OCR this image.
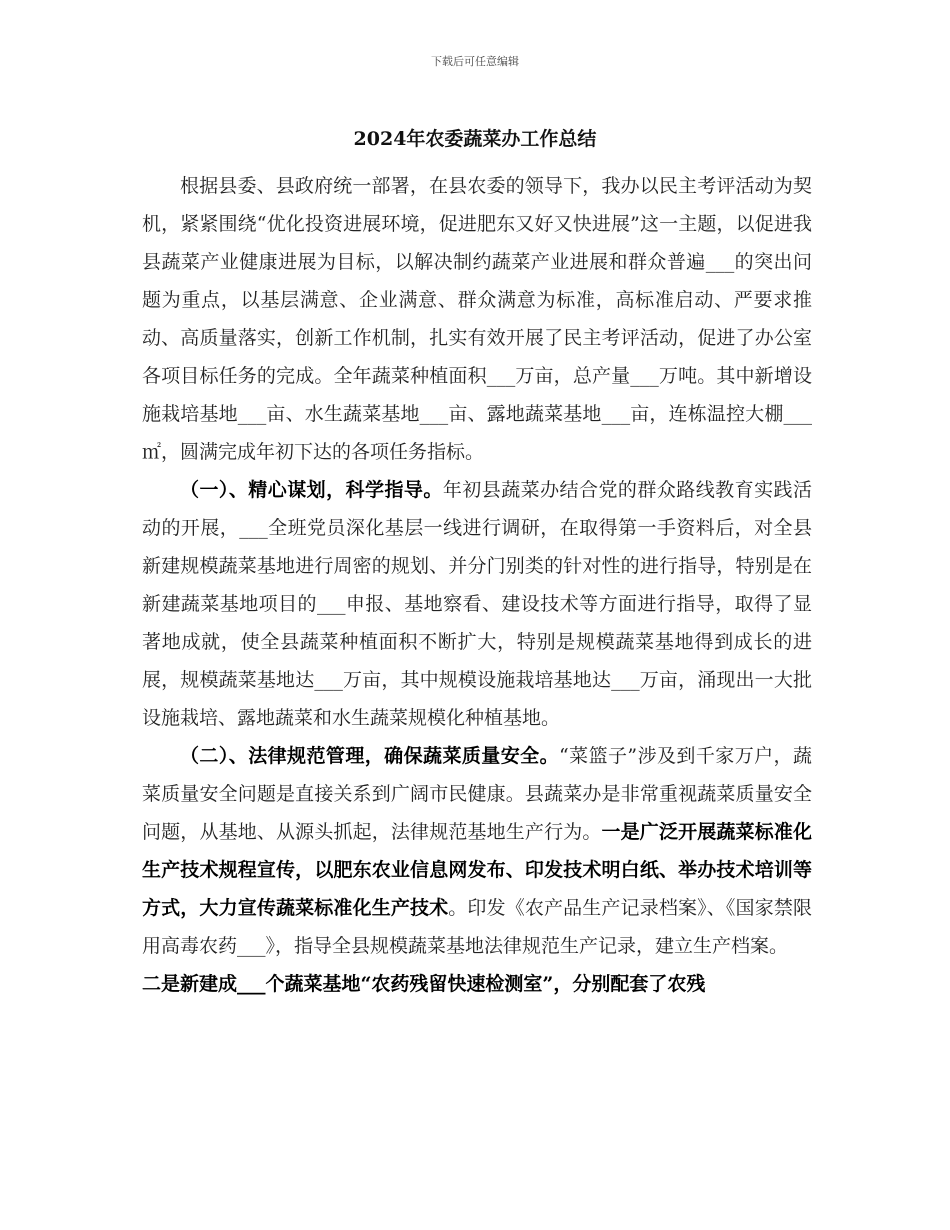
下载后可任意编辑
2024年农委蔬菜办工作总结

根据县委、县政府统一部署，在县农委的领导下，我办以民主考评活动为契机，紧紧围绕“优化投资进展环境，促进肥东又好又快进展”这一主题，以促进我县蔬菜产业健康进展为目标，以解决制约蔬菜产业进展和群众普遍___的突出问题为重点，以基层满意、企业满意、群众满意为标准，高标准启动、严要求推动、高质量落实，创新工作机制，扎实有效开展了民主考评活动，促进了办公室各项目标任务的完成。全年蔬菜种植面积___万亩，总产量___万吨。其中新增设施栽培基地___亩、水生蔬菜基地___亩、露地蔬菜基地___亩，连栋温控大棚___㎡，圆满完成年初下达的各项任务指标。

（一）、精心谋划，科学指导。年初县蔬菜办结合党的群众路线教育实践活动的开展，___全班党员深化基层一线进行调研，在取得第一手资料后，对全县新建规模蔬菜基地进行周密的规划、并分门别类的针对性的进行指导，特别是在新建蔬菜基地项目的___申报、基地察看、建设技术等方面进行指导，取得了显著地成就，使全县蔬菜种植面积不断扩大，特别是规模蔬菜基地得到成长的进展，规模蔬菜基地达___万亩，其中规模设施栽培基地达___万亩，涌现出一大批设施栽培、露地蔬菜和水生蔬菜规模化种植基地。

（二）、法律规范管理，确保蔬菜质量安全。“菜篮子”涉及到千家万户，蔬菜质量安全问题是直接关系到广阔市民健康。县蔬菜办是非常重视蔬菜质量安全问题，从基地、从源头抓起，法律规范基地生产行为。一是广泛开展蔬菜标准化生产技术规程宣传，以肥东农业信息网发布、印发技术明白纸、举办技术培训等方式，大力宣传蔬菜标准化生产技术。印发《农产品生产记录档案》、《国家禁限用高毒农药___》，指导全县规模蔬菜基地法律规范生产记录，建立生产档案。

二是新建成___个蔬菜基地“农药残留快速检测室”，分别配套了农残
